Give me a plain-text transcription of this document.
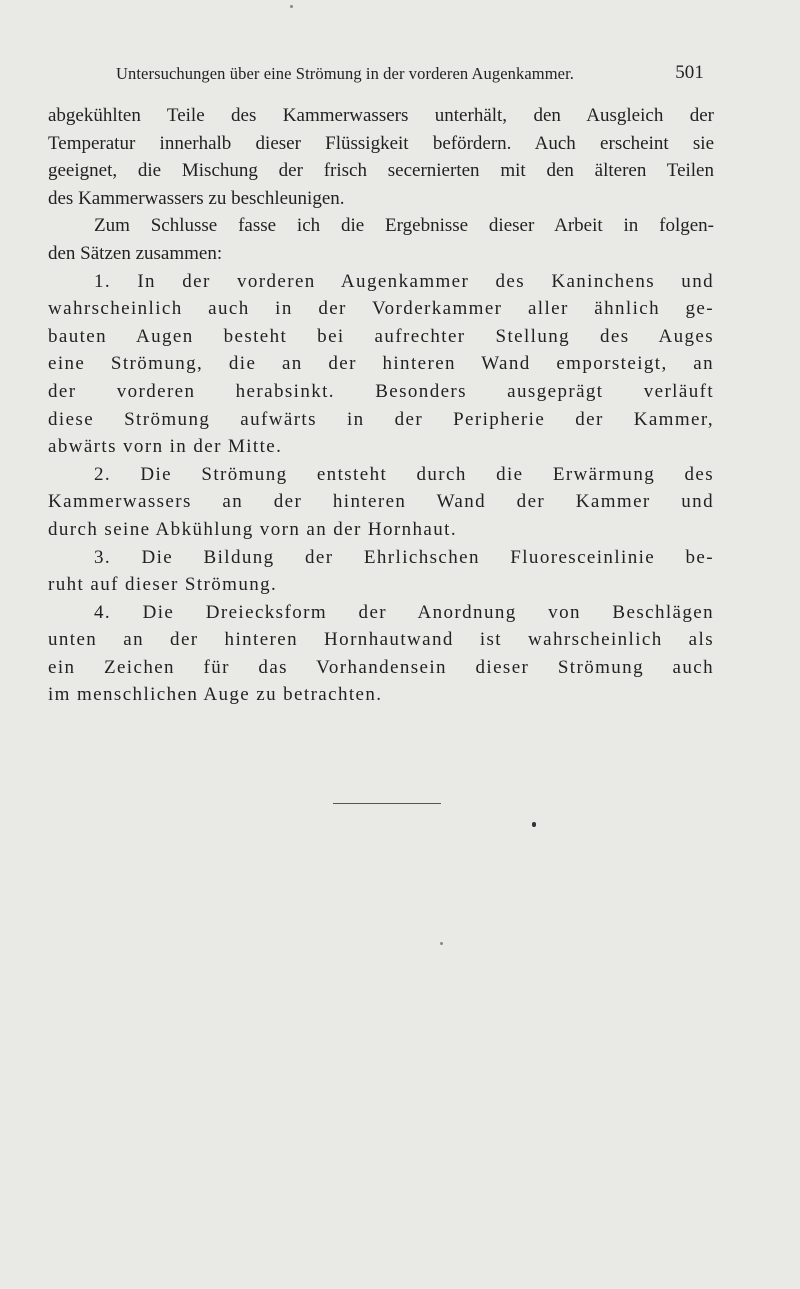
Untersuchungen über eine Strömung in der vorderen Augenkammer.	501
abgekühlten Teile des Kammerwassers unterhält, den Ausgleich der
Temperatur innerhalb dieser Flüssigkeit befördern. Auch erscheint sie
geeignet, die Mischung der frisch secernierten mit den älteren Teilen
des Kammerwassers zu beschleunigen.
Zum Schlusse fasse ich die Ergebnisse dieser Arbeit in folgen-
den Sätzen zusammen:
1. In der vorderen Augenkammer des Kaninchens und
wahrscheinlich auch in der Vorderkammer aller ähnlich ge-
bauten Augen besteht bei aufrechter Stellung des Auges
eine Strömung, die an der hinteren Wand emporsteigt, an
der vorderen herabsinkt. Besonders ausgeprägt verläuft
diese Strömung aufwärts in der Peripherie der Kammer,
abwärts vorn in der Mitte.
2. Die Strömung entsteht durch die Erwärmung des
Kammerwassers an der hinteren Wand der Kammer und
durch seine Abkühlung vorn an der Hornhaut.
3. Die Bildung der Ehrlichschen Fluoresceinlinie be-
ruht auf dieser Strömung.
4. Die Dreiecksform der Anordnung von Beschlägen
unten an der hinteren Hornhautwand ist wahrscheinlich als
ein Zeichen für das Vorhandensein dieser Strömung auch
im menschlichen Auge zu betrachten.
